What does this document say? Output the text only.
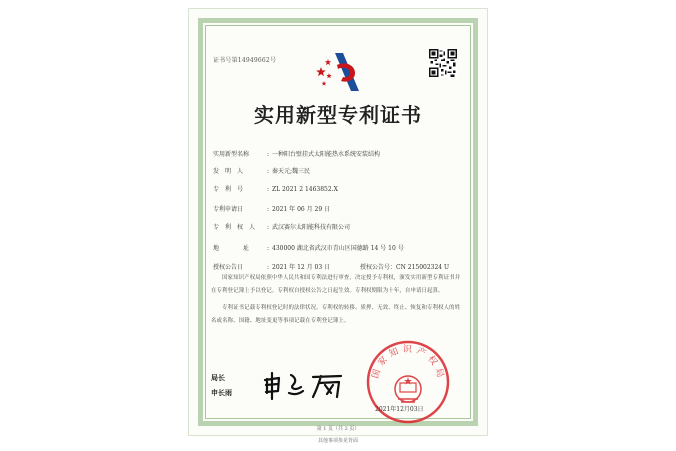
证书号第14949662号
实用新型专利证书
实用新型名称	: 一种阳台壁挂式太阳能热水系统安装结构
发　明　人	: 秦天元;魏三民
专　利　号	: ZL 2021 2 1463852.X
专利申请日	: 2021 年 06 月 29 日
专　利　权　人 : 武汉赛尔太阳能科技有限公司
地　　　　址	: 430000 湖北省武汉市青山区国德路 14 号 10 号
授权公告日	: 2021 年 12 月 03 日	授权公告号：CN 215002324 U
国家知识产权局依照中华人民共和国专利法进行审查，决定授予专利权，颁发实用新型专利证书并在专利登记簿上予以登记。专利权自授权公告之日起生效。专利权期限为十年，自申请日起算。
专利证书记载专利权登记时的法律状况。专利权的转移、质押、无效、终止、恢复和专利权人的姓名或名称、国籍、地址变更等事项记载在专利登记簿上。
局长
申长雨
国家知识产权局
2021年12月03日
第 1 页（共 2 页）
其他事项参见背面
